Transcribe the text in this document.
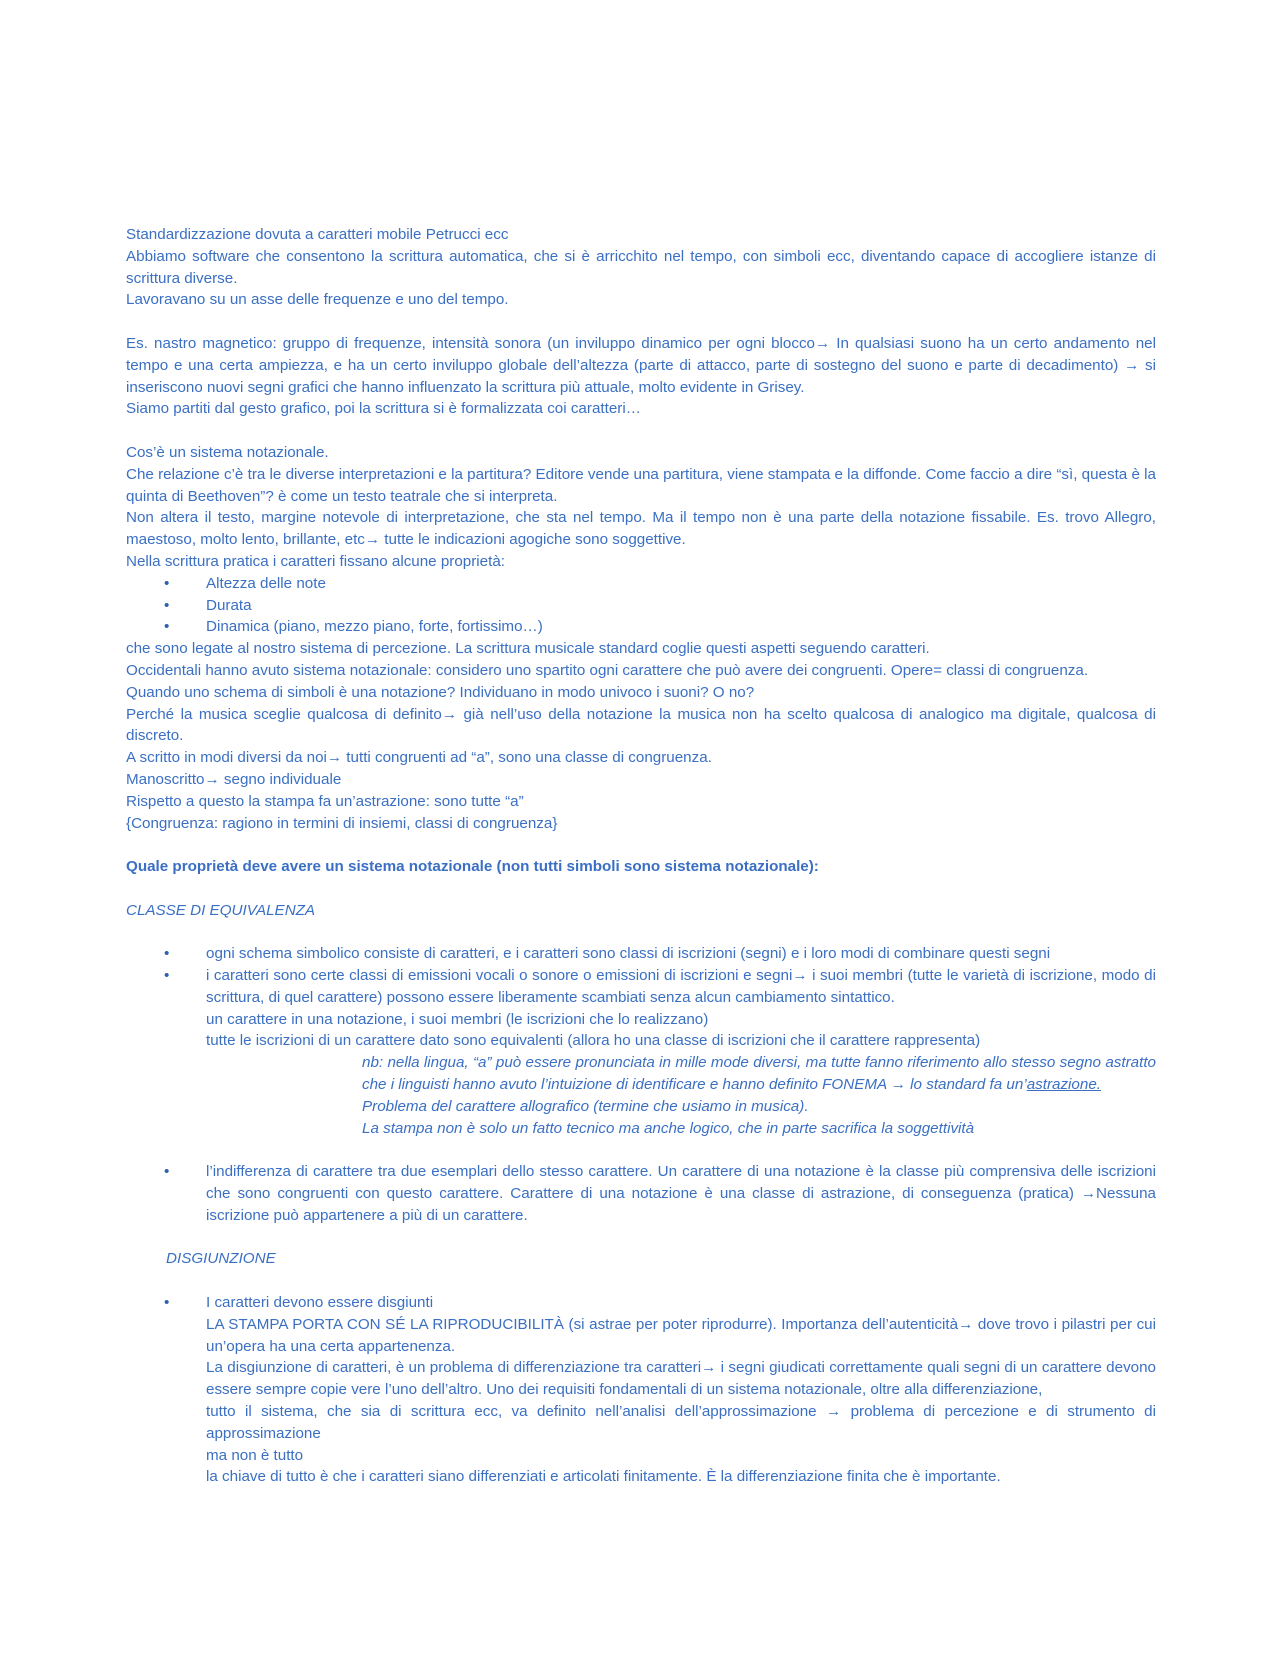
Standardizzazione dovuta a caratteri mobile Petrucci ecc

Abbiamo software che consentono la scrittura automatica, che si è arricchito nel tempo, con simboli ecc, diventando capace di accogliere istanze di scrittura diverse.

Lavoravano su un asse delle frequenze e uno del tempo.

Es. nastro magnetico: gruppo di frequenze, intensità sonora (un inviluppo dinamico per ogni blocco→ In qualsiasi suono ha un certo andamento nel tempo e una certa ampiezza, e ha un certo inviluppo globale dell’altezza (parte di attacco, parte di sostegno del suono e parte di decadimento) → si inseriscono nuovi segni grafici che hanno influenzato la scrittura più attuale, molto evidente in Grisey.

Siamo partiti dal gesto grafico, poi la scrittura si è formalizzata coi caratteri…

Cos’è un sistema notazionale.

Che relazione c’è tra le diverse interpretazioni e la partitura? Editore vende una partitura, viene stampata e la diffonde. Come faccio a dire “sì, questa è la quinta di Beethoven”? è come un testo teatrale che si interpreta.

Non altera il testo, margine notevole di interpretazione, che sta nel tempo. Ma il tempo non è una parte della notazione fissabile. Es. trovo Allegro, maestoso, molto lento, brillante, etc→ tutte le indicazioni agogiche sono soggettive.

Nella scrittura pratica i caratteri fissano alcune proprietà:

• Altezza delle note
• Durata
• Dinamica (piano, mezzo piano, forte, fortissimo…)

che sono legate al nostro sistema di percezione. La scrittura musicale standard coglie questi aspetti seguendo caratteri.

Occidentali hanno avuto sistema notazionale: considero uno spartito ogni carattere che può avere dei congruenti. Opere= classi di congruenza.

Quando uno schema di simboli è una notazione? Individuano in modo univoco i suoni? O no?

Perché la musica sceglie qualcosa di definito→ già nell’uso della notazione la musica non ha scelto qualcosa di analogico ma digitale, qualcosa di discreto.

A scritto in modi diversi da noi→ tutti congruenti ad “a”, sono una classe di congruenza.

Manoscritto→ segno individuale

Rispetto a questo la stampa fa un’astrazione: sono tutte “a”

{Congruenza: ragiono in termini di insiemi, classi di congruenza}

Quale proprietà deve avere un sistema notazionale (non tutti simboli sono sistema notazionale):

CLASSE DI EQUIVALENZA

• ogni schema simbolico consiste di caratteri, e i caratteri sono classi di iscrizioni (segni) e i loro modi di combinare questi segni
• i caratteri sono certe classi di emissioni vocali o sonore o emissioni di iscrizioni e segni→ i suoi membri (tutte le varietà di iscrizione, modo di scrittura, di quel carattere) possono essere liberamente scambiati senza alcun cambiamento sintattico.

un carattere in una notazione, i suoi membri (le iscrizioni che lo realizzano)

tutte le iscrizioni di un carattere dato sono equivalenti (allora ho una classe di iscrizioni che il carattere rappresenta)

nb: nella lingua, “a” può essere pronunciata in mille mode diversi, ma tutte fanno riferimento allo stesso segno astratto che i linguisti hanno avuto l’intuizione di identificare e hanno definito FONEMA → lo standard fa un’astrazione.

Problema del carattere allografico (termine che usiamo in musica).

La stampa non è solo un fatto tecnico ma anche logico, che in parte sacrifica la soggettività

• l’indifferenza di carattere tra due esemplari dello stesso carattere. Un carattere di una notazione è la classe più comprensiva delle iscrizioni che sono congruenti con questo carattere. Carattere di una notazione è una classe di astrazione, di conseguenza (pratica) →Nessuna iscrizione può appartenere a più di un carattere.

DISGIUNZIONE

• I caratteri devono essere disgiunti

LA STAMPA PORTA CON SÉ LA RIPRODUCIBILITÀ (si astrae per poter riprodurre). Importanza dell’autenticità→ dove trovo i pilastri per cui un’opera ha una certa appartenenza.

La disgiunzione di caratteri, è un problema di differenziazione tra caratteri→ i segni giudicati correttamente quali segni di un carattere devono essere sempre copie vere l’uno dell’altro. Uno dei requisiti fondamentali di un sistema notazionale, oltre alla differenziazione,

tutto il sistema, che sia di scrittura ecc, va definito nell’analisi dell’approssimazione → problema di percezione e di strumento di approssimazione

ma non è tutto

la chiave di tutto è che i caratteri siano differenziati e articolati finitamente. È la differenziazione finita che è importante.
